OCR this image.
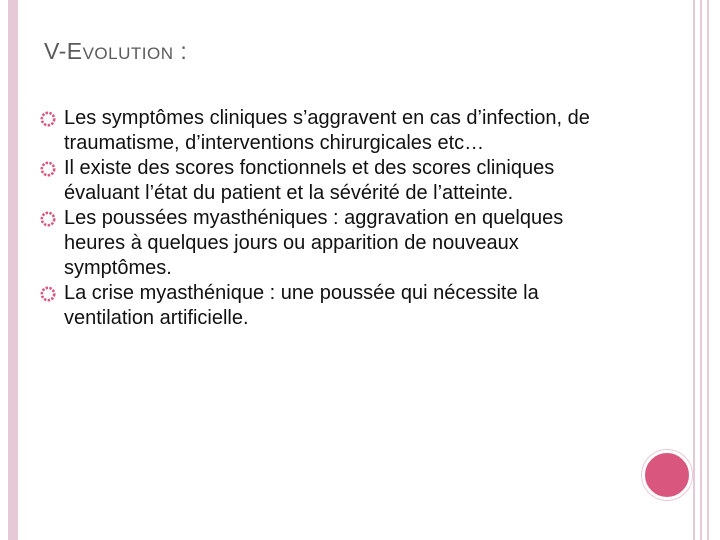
V-EVOLUTION :
Les symptômes cliniques s’aggravent en cas d’infection, de traumatisme, d’interventions chirurgicales etc…
Il existe des scores fonctionnels et des scores cliniques évaluant l’état du patient et la sévérité de l’atteinte.
Les poussées myasthéniques : aggravation en quelques heures à quelques jours ou apparition de nouveaux symptômes.
La crise myasthénique : une poussée qui nécessite la ventilation artificielle.
